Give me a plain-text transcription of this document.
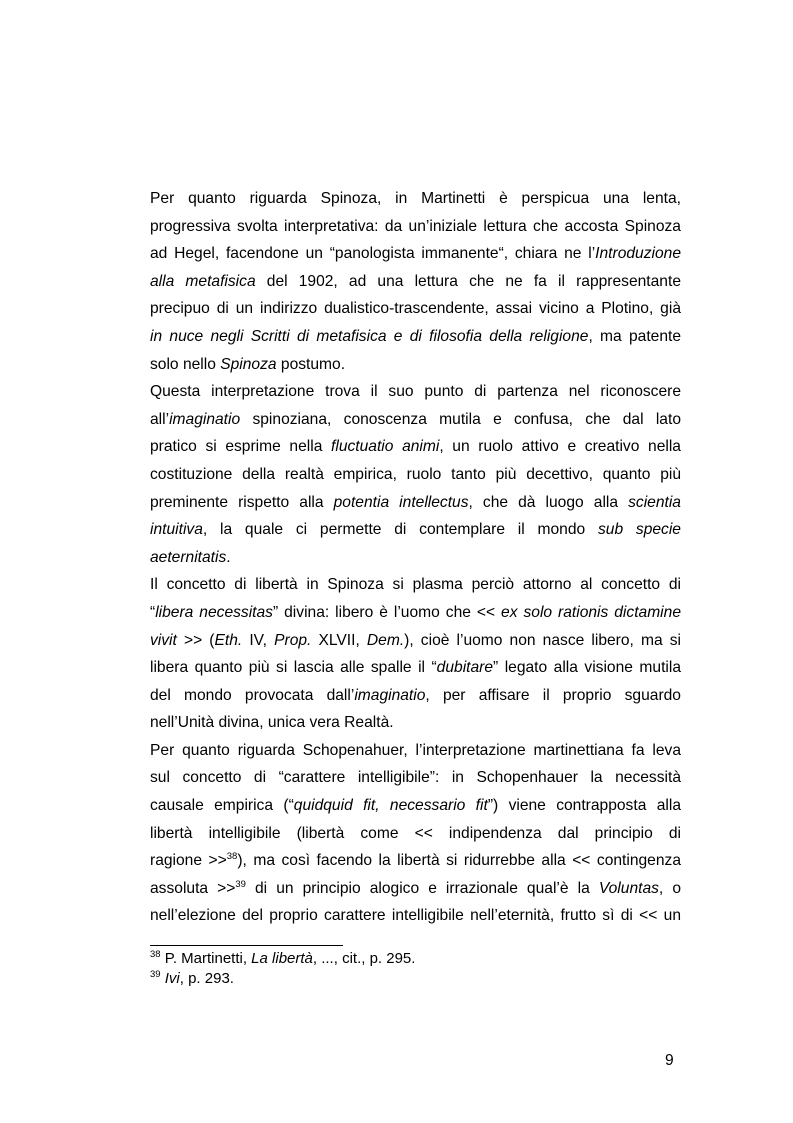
Per quanto riguarda Spinoza, in Martinetti è perspicua una lenta,
progressiva svolta interpretativa: da un’iniziale lettura che accosta Spinoza
ad Hegel, facendone un “panologista immanente“, chiara ne l’Introduzione
alla metafisica del 1902, ad una lettura che ne fa il rappresentante
precipuo di un indirizzo dualistico-trascendente, assai vicino a Plotino, già
in nuce negli Scritti di metafisica e di filosofia della religione, ma patente
solo nello Spinoza postumo.
Questa interpretazione trova il suo punto di partenza nel riconoscere
all’imaginatio spinoziana, conoscenza mutila e confusa, che dal lato
pratico si esprime nella fluctuatio animi, un ruolo attivo e creativo nella
costituzione della realtà empirica, ruolo tanto più decettivo, quanto più
preminente rispetto alla potentia intellectus, che dà luogo alla scientia
intuitiva, la quale ci permette di contemplare il mondo sub specie
aeternitatis.
Il concetto di libertà in Spinoza si plasma perciò attorno al concetto di
“libera necessitas” divina: libero è l’uomo che << ex solo rationis dictamine
vivit >> (Eth. IV, Prop. XLVII, Dem.), cioè l’uomo non nasce libero, ma si
libera quanto più si lascia alle spalle il “dubitare” legato alla visione mutila
del mondo provocata dall’imaginatio, per affisare il proprio sguardo
nell’Unità divina, unica vera Realtà.
Per quanto riguarda Schopenahuer, l’interpretazione martinettiana fa leva
sul concetto di “carattere intelligibile”: in Schopenhauer la necessità
causale empirica (“quidquid fit, necessario fit”) viene contrapposta alla
libertà intelligibile (libertà come << indipendenza dal principio di
ragione >>$^{38}$), ma così facendo la libertà si ridurrebbe alla << contingenza
assoluta >>$^{39}$ di un principio alogico e irrazionale qual’è la Voluntas, o
nell’elezione del proprio carattere intelligibile nell’eternità, frutto sì di << un
$^{38}$ P. Martinetti, La libertà, ..., cit., p. 295.
$^{39}$ Ivi, p. 293.
9
